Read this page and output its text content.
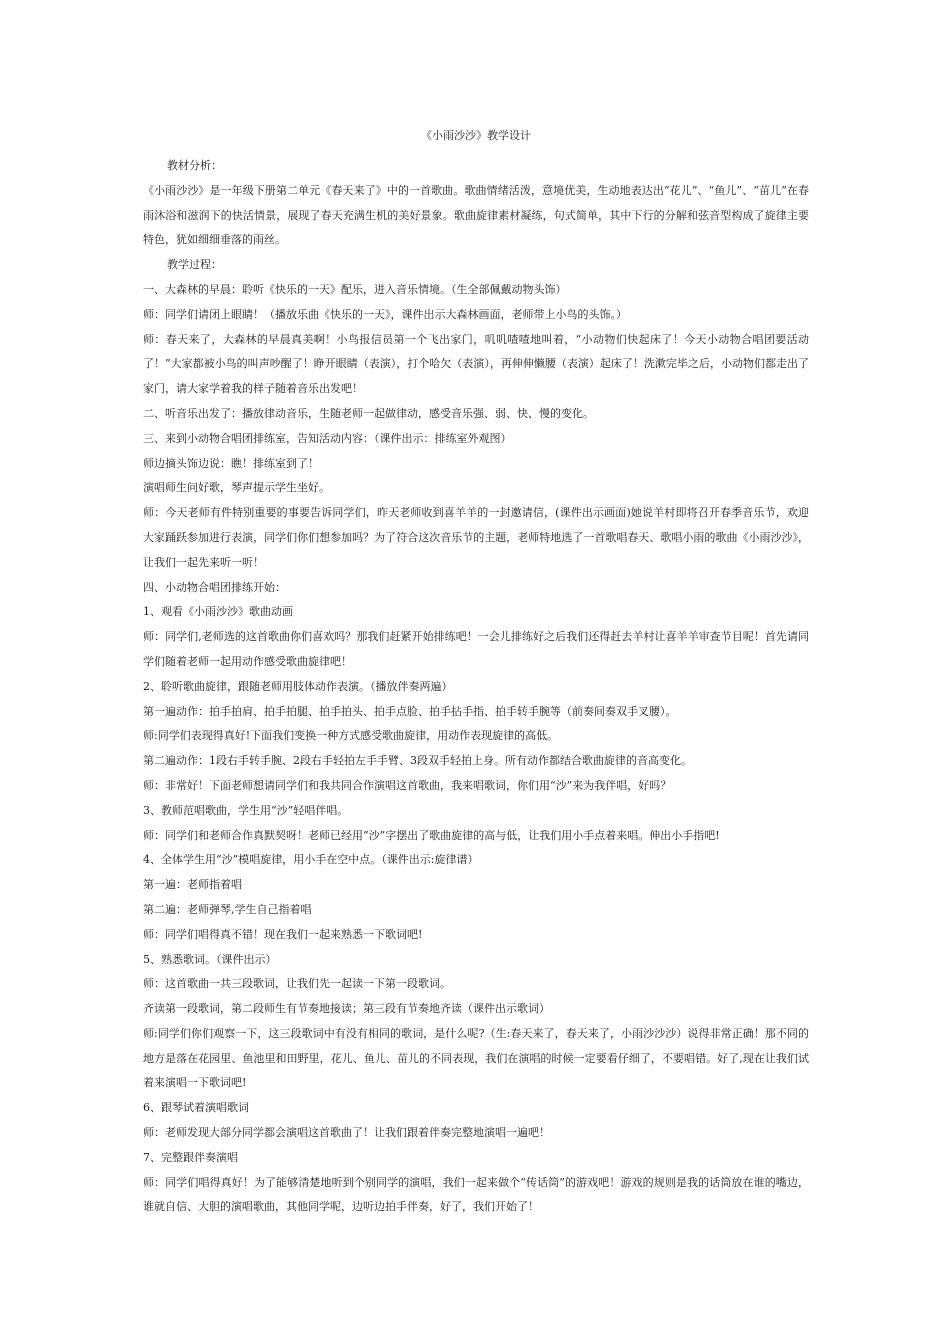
《小雨沙沙》教学设计

教材分析：

《小雨沙沙》是一年级下册第二单元《春天来了》中的一首歌曲。歌曲情绪活泼，意境优美，生动地表达出“花儿”、“鱼儿”、“苗儿”在春雨沐浴和滋润下的快活情景，展现了春天充满生机的美好景象。歌曲旋律素材凝练，句式简单，其中下行的分解和弦音型构成了旋律主要特色，犹如细细垂落的雨丝。

教学过程：

一、大森林的早晨：聆听《快乐的一天》配乐，进入音乐情境。（生全部佩戴动物头饰）

师：同学们请闭上眼睛！（播放乐曲《快乐的一天》，课件出示大森林画面，老师带上小鸟的头饰。）

师：春天来了，大森林的早晨真美啊！小鸟报信员第一个飞出家门，叽叽喳喳地叫着，“小动物们快起床了！今天小动物合唱团要活动了！”大家都被小鸟的叫声吵醒了！睁开眼睛（表演），打个哈欠（表演），再伸伸懒腰（表演）起床了！洗漱完毕之后，小动物们都走出了家门，请大家学着我的样子随着音乐出发吧！

二、听音乐出发了：播放律动音乐，生随老师一起做律动，感受音乐强、弱、快、慢的变化。

三、来到小动物合唱团排练室，告知活动内容：（课件出示：排练室外观图）

师边摘头饰边说：瞧！排练室到了！

演唱师生问好歌，琴声提示学生坐好。

师：今天老师有件特别重要的事要告诉同学们，昨天老师收到喜羊羊的一封邀请信，(课件出示画面)她说羊村即将召开春季音乐节，欢迎大家踊跃参加进行表演，同学们你们想参加吗？为了符合这次音乐节的主题，老师特地选了一首歌唱春天、歌唱小雨的歌曲《小雨沙沙》，让我们一起先来听一听！

四、小动物合唱团排练开始：

1、观看《小雨沙沙》歌曲动画

师：同学们,老师选的这首歌曲你们喜欢吗？那我们赶紧开始排练吧！一会儿排练好之后我们还得赶去羊村让喜羊羊审查节目呢！首先请同学们随着老师一起用动作感受歌曲旋律吧！

2、聆听歌曲旋律，跟随老师用肢体动作表演。（播放伴奏两遍）

第一遍动作：拍手拍肩、拍手拍腿、拍手拍头、拍手点脸、拍手拈手指、拍手转手腕等（前奏间奏双手叉腰）。

师:同学们表现得真好!下面我们变换一种方式感受歌曲旋律，用动作表现旋律的高低。

第二遍动作：1段右手转手腕、2段右手轻拍左手手臂、3段双手轻拍上身。所有动作都结合歌曲旋律的音高变化。

师：非常好！下面老师想请同学们和我共同合作演唱这首歌曲，我来唱歌词，你们用“沙”来为我伴唱，好吗？

3、教师范唱歌曲，学生用“沙”轻唱伴唱。

师：同学们和老师合作真默契呀！老师已经用“沙”字摆出了歌曲旋律的高与低，让我们用小手点着来唱。伸出小手指吧!

4、全体学生用“沙”模唱旋律，用小手在空中点。（课件出示:旋律谱）

第一遍：老师指着唱

第二遍：老师弹琴,学生自己指着唱

师：同学们唱得真不错！现在我们一起来熟悉一下歌词吧!

5、熟悉歌词。（课件出示）

师：这首歌曲一共三段歌词，让我们先一起读一下第一段歌词。

齐读第一段歌词，第二段师生有节奏地接读；第三段有节奏地齐读（课件出示歌词）

师:同学们你们观察一下，这三段歌词中有没有相同的歌词，是什么呢?（生:春天来了，春天来了，小雨沙沙沙）说得非常正确！那不同的地方是落在花园里、鱼池里和田野里，花儿、鱼儿、苗儿的不同表现，我们在演唱的时候一定要看仔细了，不要唱错。好了,现在让我们试着来演唱一下歌词吧!

6、跟琴试着演唱歌词

师：老师发现大部分同学都会演唱这首歌曲了！让我们跟着伴奏完整地演唱一遍吧！

7、完整跟伴奏演唱

师：同学们唱得真好！为了能够清楚地听到个别同学的演唱，我们一起来做个“传话筒”的游戏吧！游戏的规则是我的话筒放在谁的嘴边，谁就自信、大胆的演唱歌曲，其他同学呢，边听边拍手伴奏，好了，我们开始了！
